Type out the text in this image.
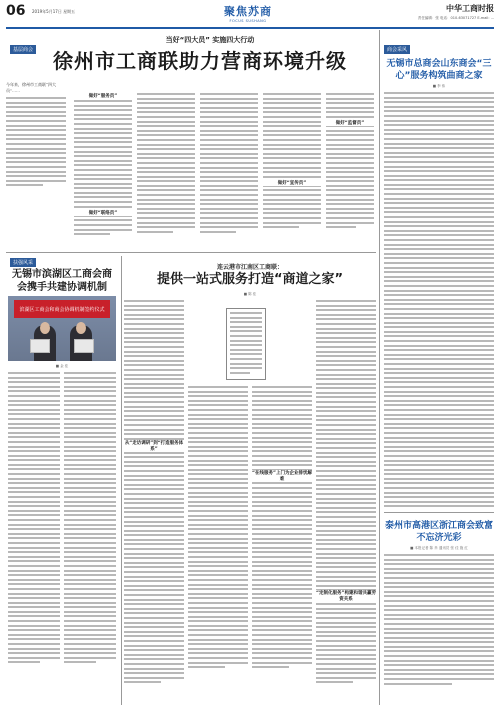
06 2019年5月17日 星期五	聚焦苏商
FOCUS SUSHANG
中华工商时报
责任编辑：张 电话：010-63071727 E-mail: ...
基层商会
当好“四大员” 实施四大行动
徐州市工商联助力营商环境升级
今年来，徐州市工商联“四大员”……
做好“服务员”
做好“联络员”
做好“宣传员”
做好“监督员”
商会采风
无锡市总商会山东商会“三心”服务构筑曲商之家
■ 李 伟
泰州市高港区浙江商会致富不忘济光彩
■ 本报记者 陈 肖 通讯员 张 佳 施 红
扶强风采
无锡市滨湖区工商会商会携手共建协调机制
滨湖区工商会和商会协调机制签约仪式
■ 金 佳
连云港市江南区工商联：
提供一站式服务打造“商道之家”
■ 陈 佳
从“走访调研”到“打造服务体系”
“在线服务”上门为企业排忧解难
“定制化服务”构建和谐共赢劳资关系
